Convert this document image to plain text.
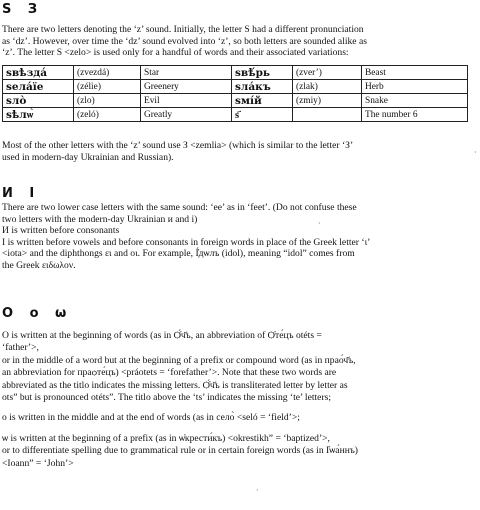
S З

There are two letters denoting the ‘z’ sound. Initially, the letter S had a different pronunciation

as ‘dz’. However, over time the ‘dz’ sound evolved into ‘z’, so both letters are sounded alike as

‘z’. The letter S <zelo> is used only for a handful of words and their associated variations:

ѕвѣзда́	(zvezdá)	Star	ѕвѣ́рь	(zver’)	Beast
ѕела́їе	(zélie)	Greenery	ѕла́къ	(zlak)	Herb
ѕло̀	(zlo)	Evil	ѕмі́й	(zmiy)	Snake
ѕѣлѡ̀	(zeló)	Greatly	ѕ҃		The number 6

Most of the other letters with the ‘z’ sound use З <zemlia> (which is similar to the letter ‘З’

used in modern-day Ukrainian and Russian).

И І

There are two lower case letters with the same sound: ‘ee’ as in ‘feet’. (Do not confuse these

two letters with the modern-day Ukrainian и and і)

И is written before consonants

І is written before vowels and before consonants in foreign words in place of the Greek letter ‘ι’

<iota> and the diphthongs ει and οι. For example, І҆́дѡлъ (idol), meaning “idol” comes from

the Greek ειδωλον.

О о ѡ

О is written at the beginning of words (as in Ѻ҆́ч҃ъ, an abbreviation of Ѻ҆те́цъ otéts =

‘father’>,

or in the middle of a word but at the beginning of a prefix or compound word (as in прао́ч҃ъ,

an abbreviation for праѻте́цъ) <práotets = ‘forefather’>. Note that these two words are

abbreviated as the titlo indicates the missing letters. Ѻ҆́ч҃ъ is transliterated letter by letter as

ots” but is pronounced otéts”. The titlo above the ‘ts’ indicates the missing ‘te’ letters;

о is written in the middle and at the end of words (as in село̀ <seló = ‘field’>;

ѡ is written at the beginning of a prefix (as in ѡ҆крести́къ) <okrestikh” = ‘baptized’>,

or to differentiate spelling due to grammatical rule or in certain foreign words (as in І҆ѡа́ннъ)

<Ioann” = ‘John’>

·
·
·
